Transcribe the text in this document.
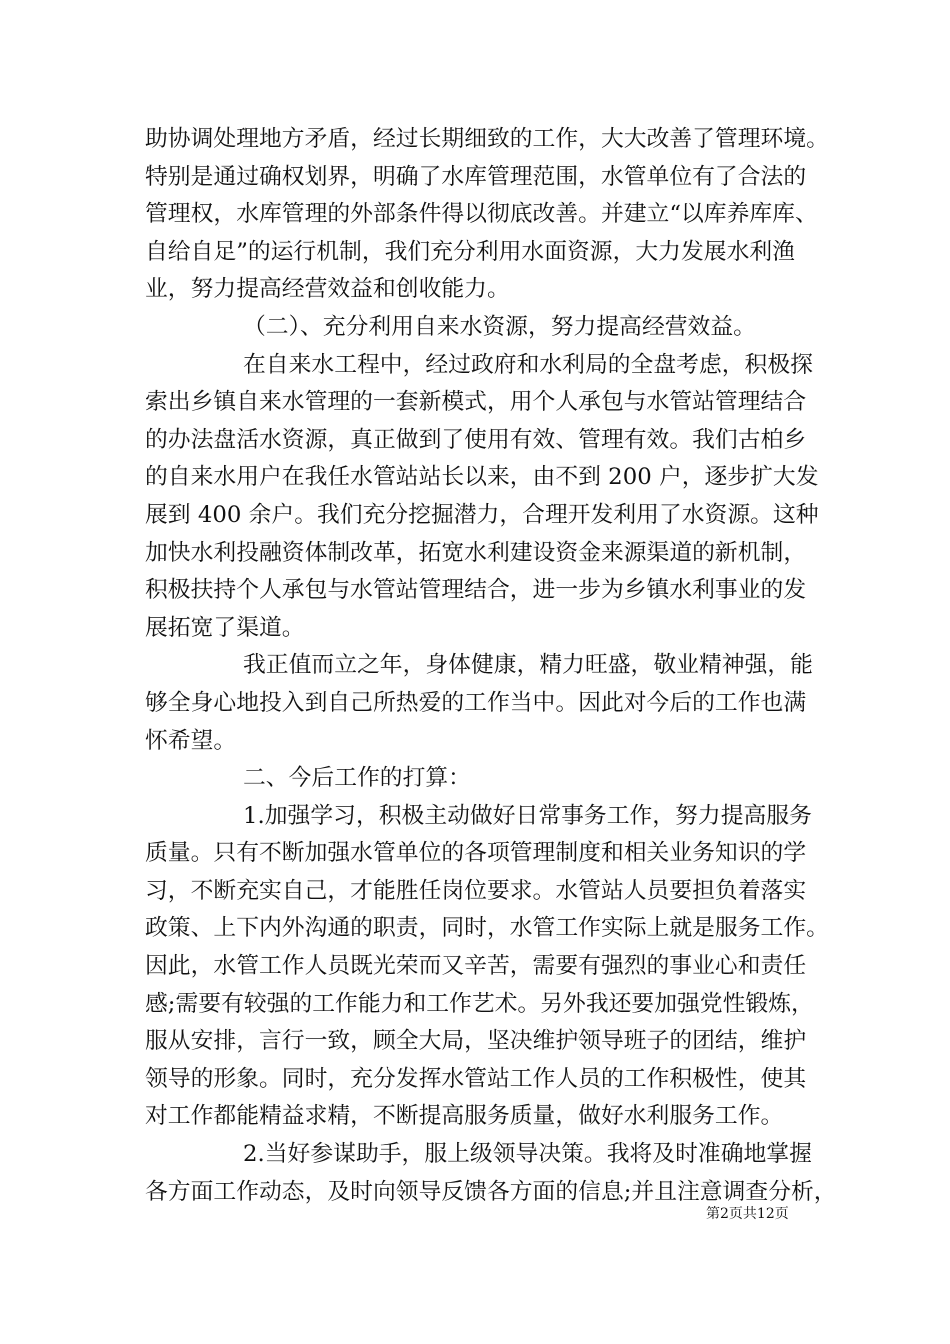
助协调处理地方矛盾，经过长期细致的工作，大大改善了管理环境。
特别是通过确权划界，明确了水库管理范围，水管单位有了合法的
管理权，水库管理的外部条件得以彻底改善。并建立“以库养库库、
自给自足”的运行机制，我们充分利用水面资源，大力发展水利渔
业，努力提高经营效益和创收能力。
（二）、充分利用自来水资源，努力提高经营效益。
在自来水工程中，经过政府和水利局的全盘考虑，积极探
索出乡镇自来水管理的一套新模式，用个人承包与水管站管理结合
的办法盘活水资源，真正做到了使用有效、管理有效。我们古柏乡
的自来水用户在我任水管站站长以来，由不到 200 户，逐步扩大发
展到 400 余户。我们充分挖掘潜力，合理开发利用了水资源。这种
加快水利投融资体制改革，拓宽水利建设资金来源渠道的新机制，
积极扶持个人承包与水管站管理结合，进一步为乡镇水利事业的发
展拓宽了渠道。
我正值而立之年，身体健康，精力旺盛，敬业精神强，能
够全身心地投入到自己所热爱的工作当中。因此对今后的工作也满
怀希望。
二、今后工作的打算：
1.加强学习，积极主动做好日常事务工作，努力提高服务
质量。只有不断加强水管单位的各项管理制度和相关业务知识的学
习，不断充实自己，才能胜任岗位要求。水管站人员要担负着落实
政策、上下内外沟通的职责，同时，水管工作实际上就是服务工作。
因此，水管工作人员既光荣而又辛苦，需要有强烈的事业心和责任
感;需要有较强的工作能力和工作艺术。另外我还要加强党性锻炼，
服从安排，言行一致，顾全大局，坚决维护领导班子的团结，维护
领导的形象。同时，充分发挥水管站工作人员的工作积极性，使其
对工作都能精益求精，不断提高服务质量，做好水利服务工作。
2.当好参谋助手，服上级领导决策。我将及时准确地掌握
各方面工作动态，及时向领导反馈各方面的信息;并且注意调查分析，
第2页共12页
